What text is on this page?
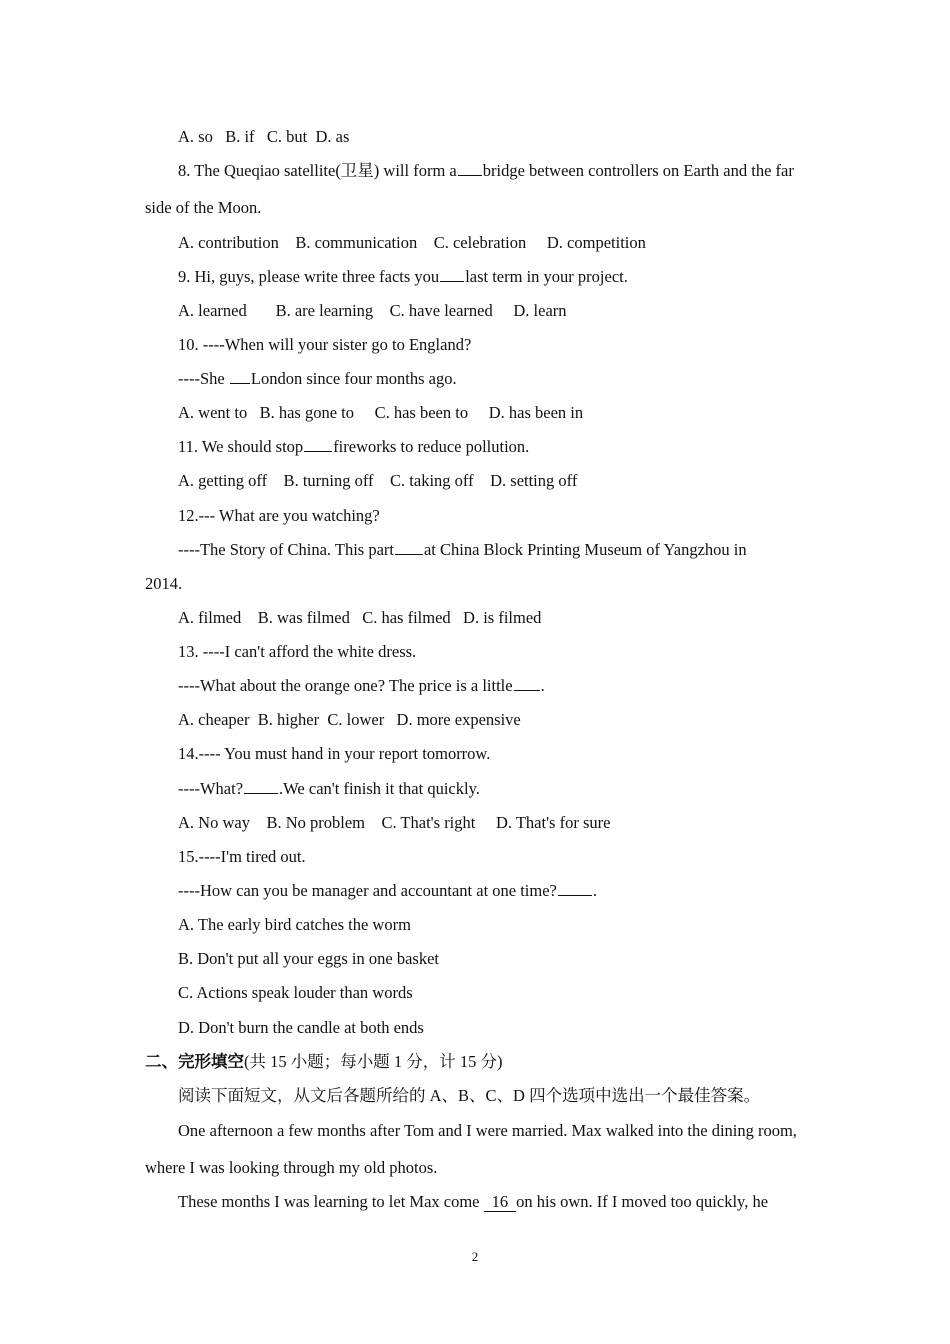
A. so   B. if   C. but  D. as
8. The Queqiao satellite(卫星) will form a bridge between controllers on Earth and the far
side of the Moon.
A. contribution    B. communication    C. celebration     D. competition
9. Hi, guys, please write three facts you last term in your project.
A. learned       B. are learning    C. have learned     D. learn
10. ----When will your sister go to England?
----She London since four months ago.
A. went to   B. has gone to     C. has been to     D. has been in
11. We should stop fireworks to reduce pollution.
A. getting off    B. turning off    C. taking off    D. setting off
12.--- What are you watching?
----The Story of China. This part at China Block Printing Museum of Yangzhou in
2014.
A. filmed    B. was filmed   C. has filmed   D. is filmed
13. ----I can't afford the white dress.
----What about the orange one? The price is a little .
A. cheaper  B. higher  C. lower   D. more expensive
14.---- You must hand in your report tomorrow.
----What? .We can't finish it that quickly.
A. No way    B. No problem    C. That's right     D. That's for sure
15.----I'm tired out.
----How can you be manager and accountant at one time? .
A. The early bird catches the worm
B. Don't put all your eggs in one basket
C. Actions speak louder than words
D. Don't burn the candle at both ends
二、完形填空(共 15 小题；每小题 1 分，计 15 分)
阅读下面短文，从文后各题所给的 A、B、C、D 四个选项中选出一个最佳答案。
One afternoon a few months after Tom and I were married. Max walked into the dining room,
where I was looking through my old photos.
These months I was learning to let Max come 16 on his own. If I moved too quickly, he
2
